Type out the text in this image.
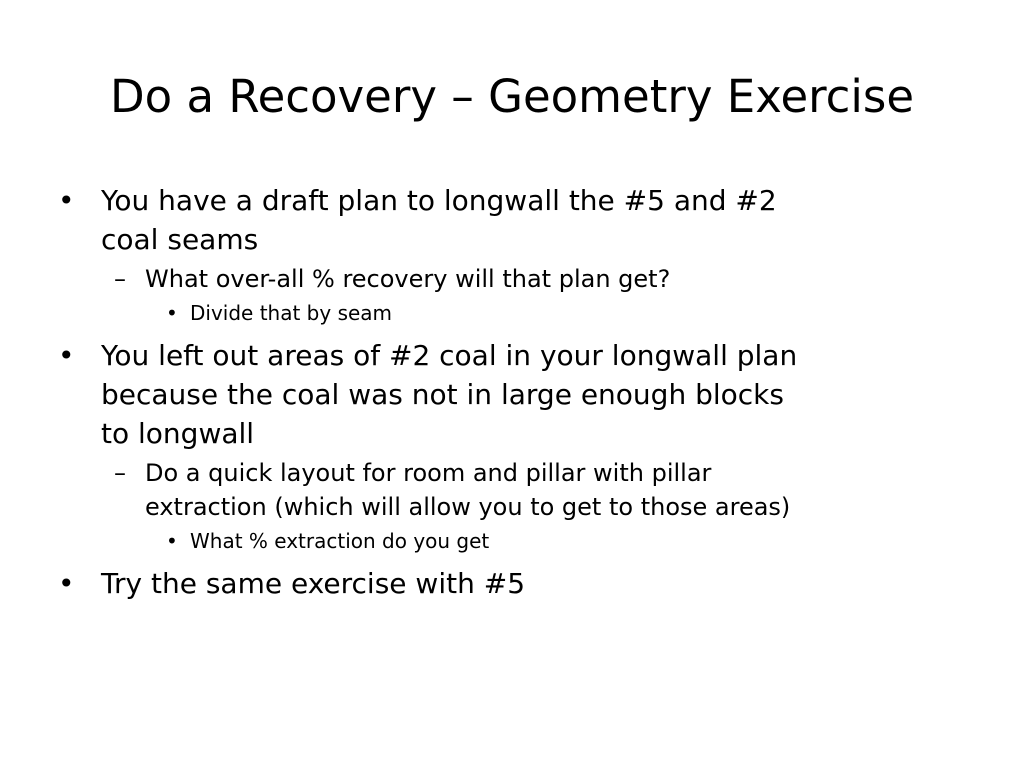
Do a Recovery – Geometry Exercise
• You have a draft plan to longwall the #5 and #2
coal seams
– What over-all % recovery will that plan get?
• Divide that by seam
• You left out areas of #2 coal in your longwall plan
because the coal was not in large enough blocks
to longwall
– Do a quick layout for room and pillar with pillar
extraction (which will allow you to get to those areas)
• What % extraction do you get
• Try the same exercise with #5
